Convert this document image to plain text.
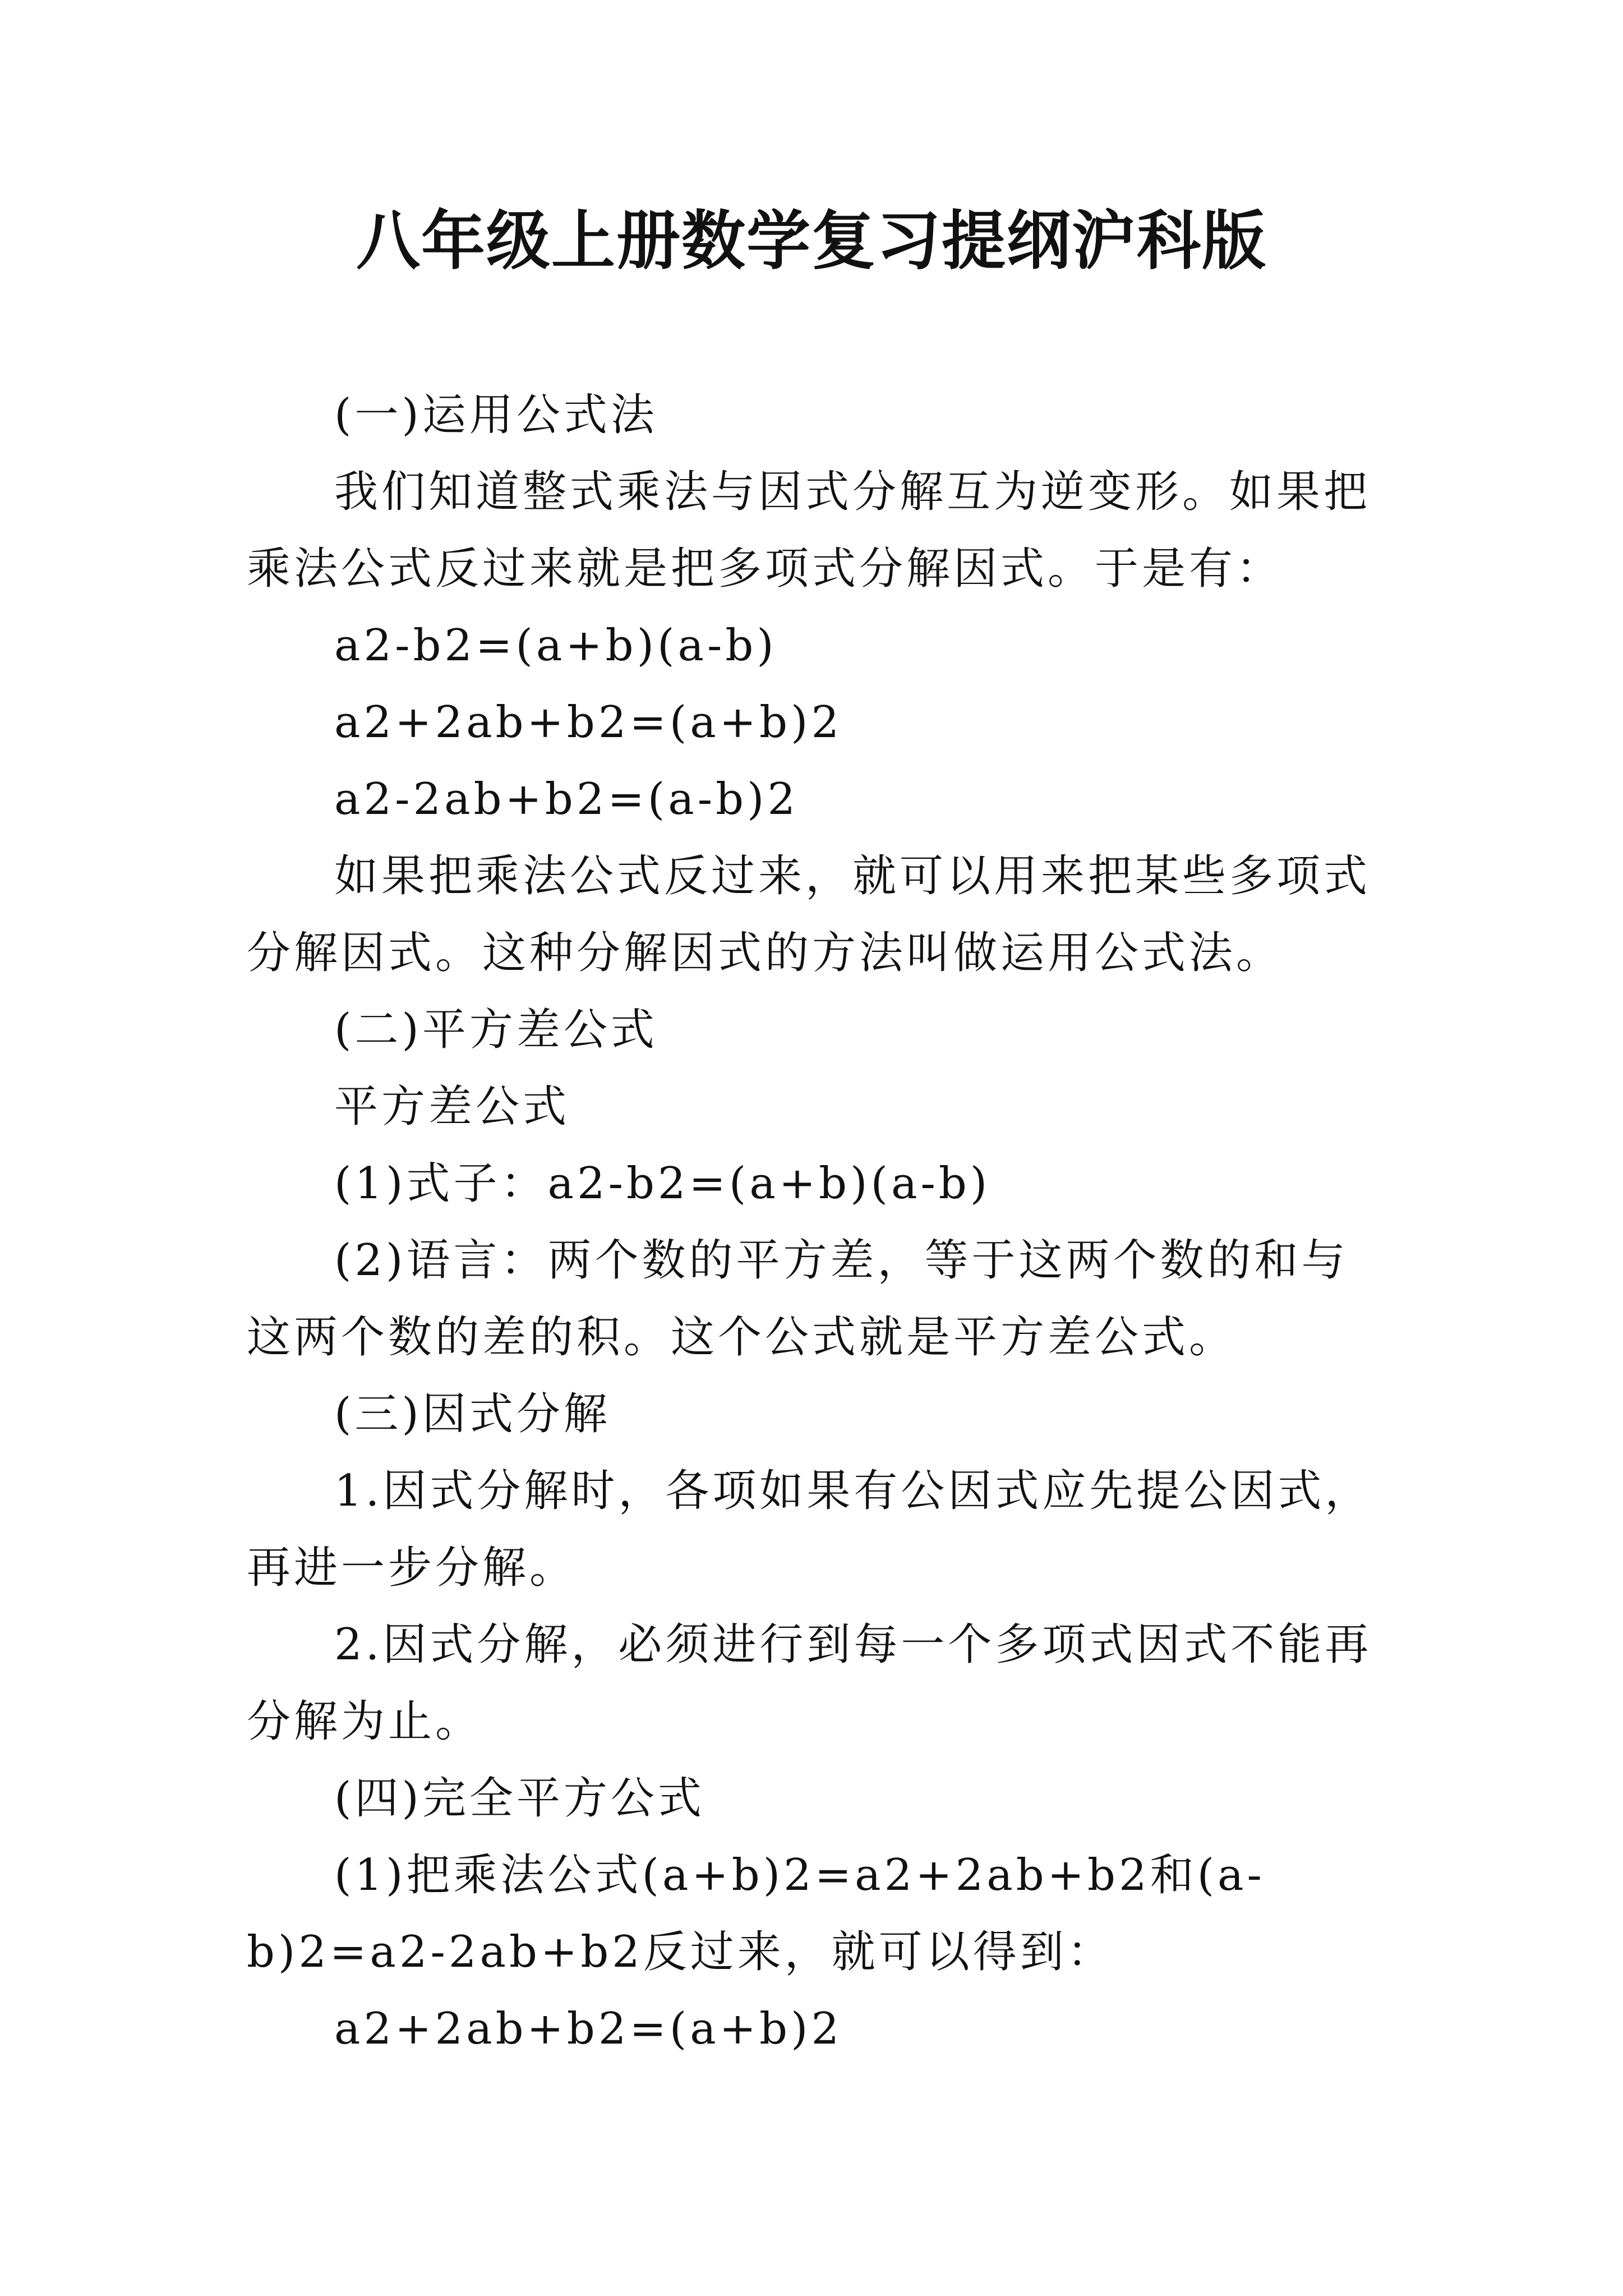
八年级上册数学复习提纲沪科版

(一)运用公式法

我们知道整式乘法与因式分解互为逆变形。如果把乘法公式反过来就是把多项式分解因式。于是有：

a2-b2=(a+b)(a-b)

a2+2ab+b2=(a+b)2

a2-2ab+b2=(a-b)2

如果把乘法公式反过来，就可以用来把某些多项式分解因式。这种分解因式的方法叫做运用公式法。

(二)平方差公式

平方差公式

(1)式子：a2-b2=(a+b)(a-b)

(2)语言：两个数的平方差，等于这两个数的和与这两个数的差的积。这个公式就是平方差公式。

(三)因式分解

1.因式分解时，各项如果有公因式应先提公因式，再进一步分解。

2.因式分解，必须进行到每一个多项式因式不能再分解为止。

(四)完全平方公式

(1)把乘法公式(a+b)2=a2+2ab+b2和(a-b)2=a2-2ab+b2反过来，就可以得到：

a2+2ab+b2=(a+b)2
